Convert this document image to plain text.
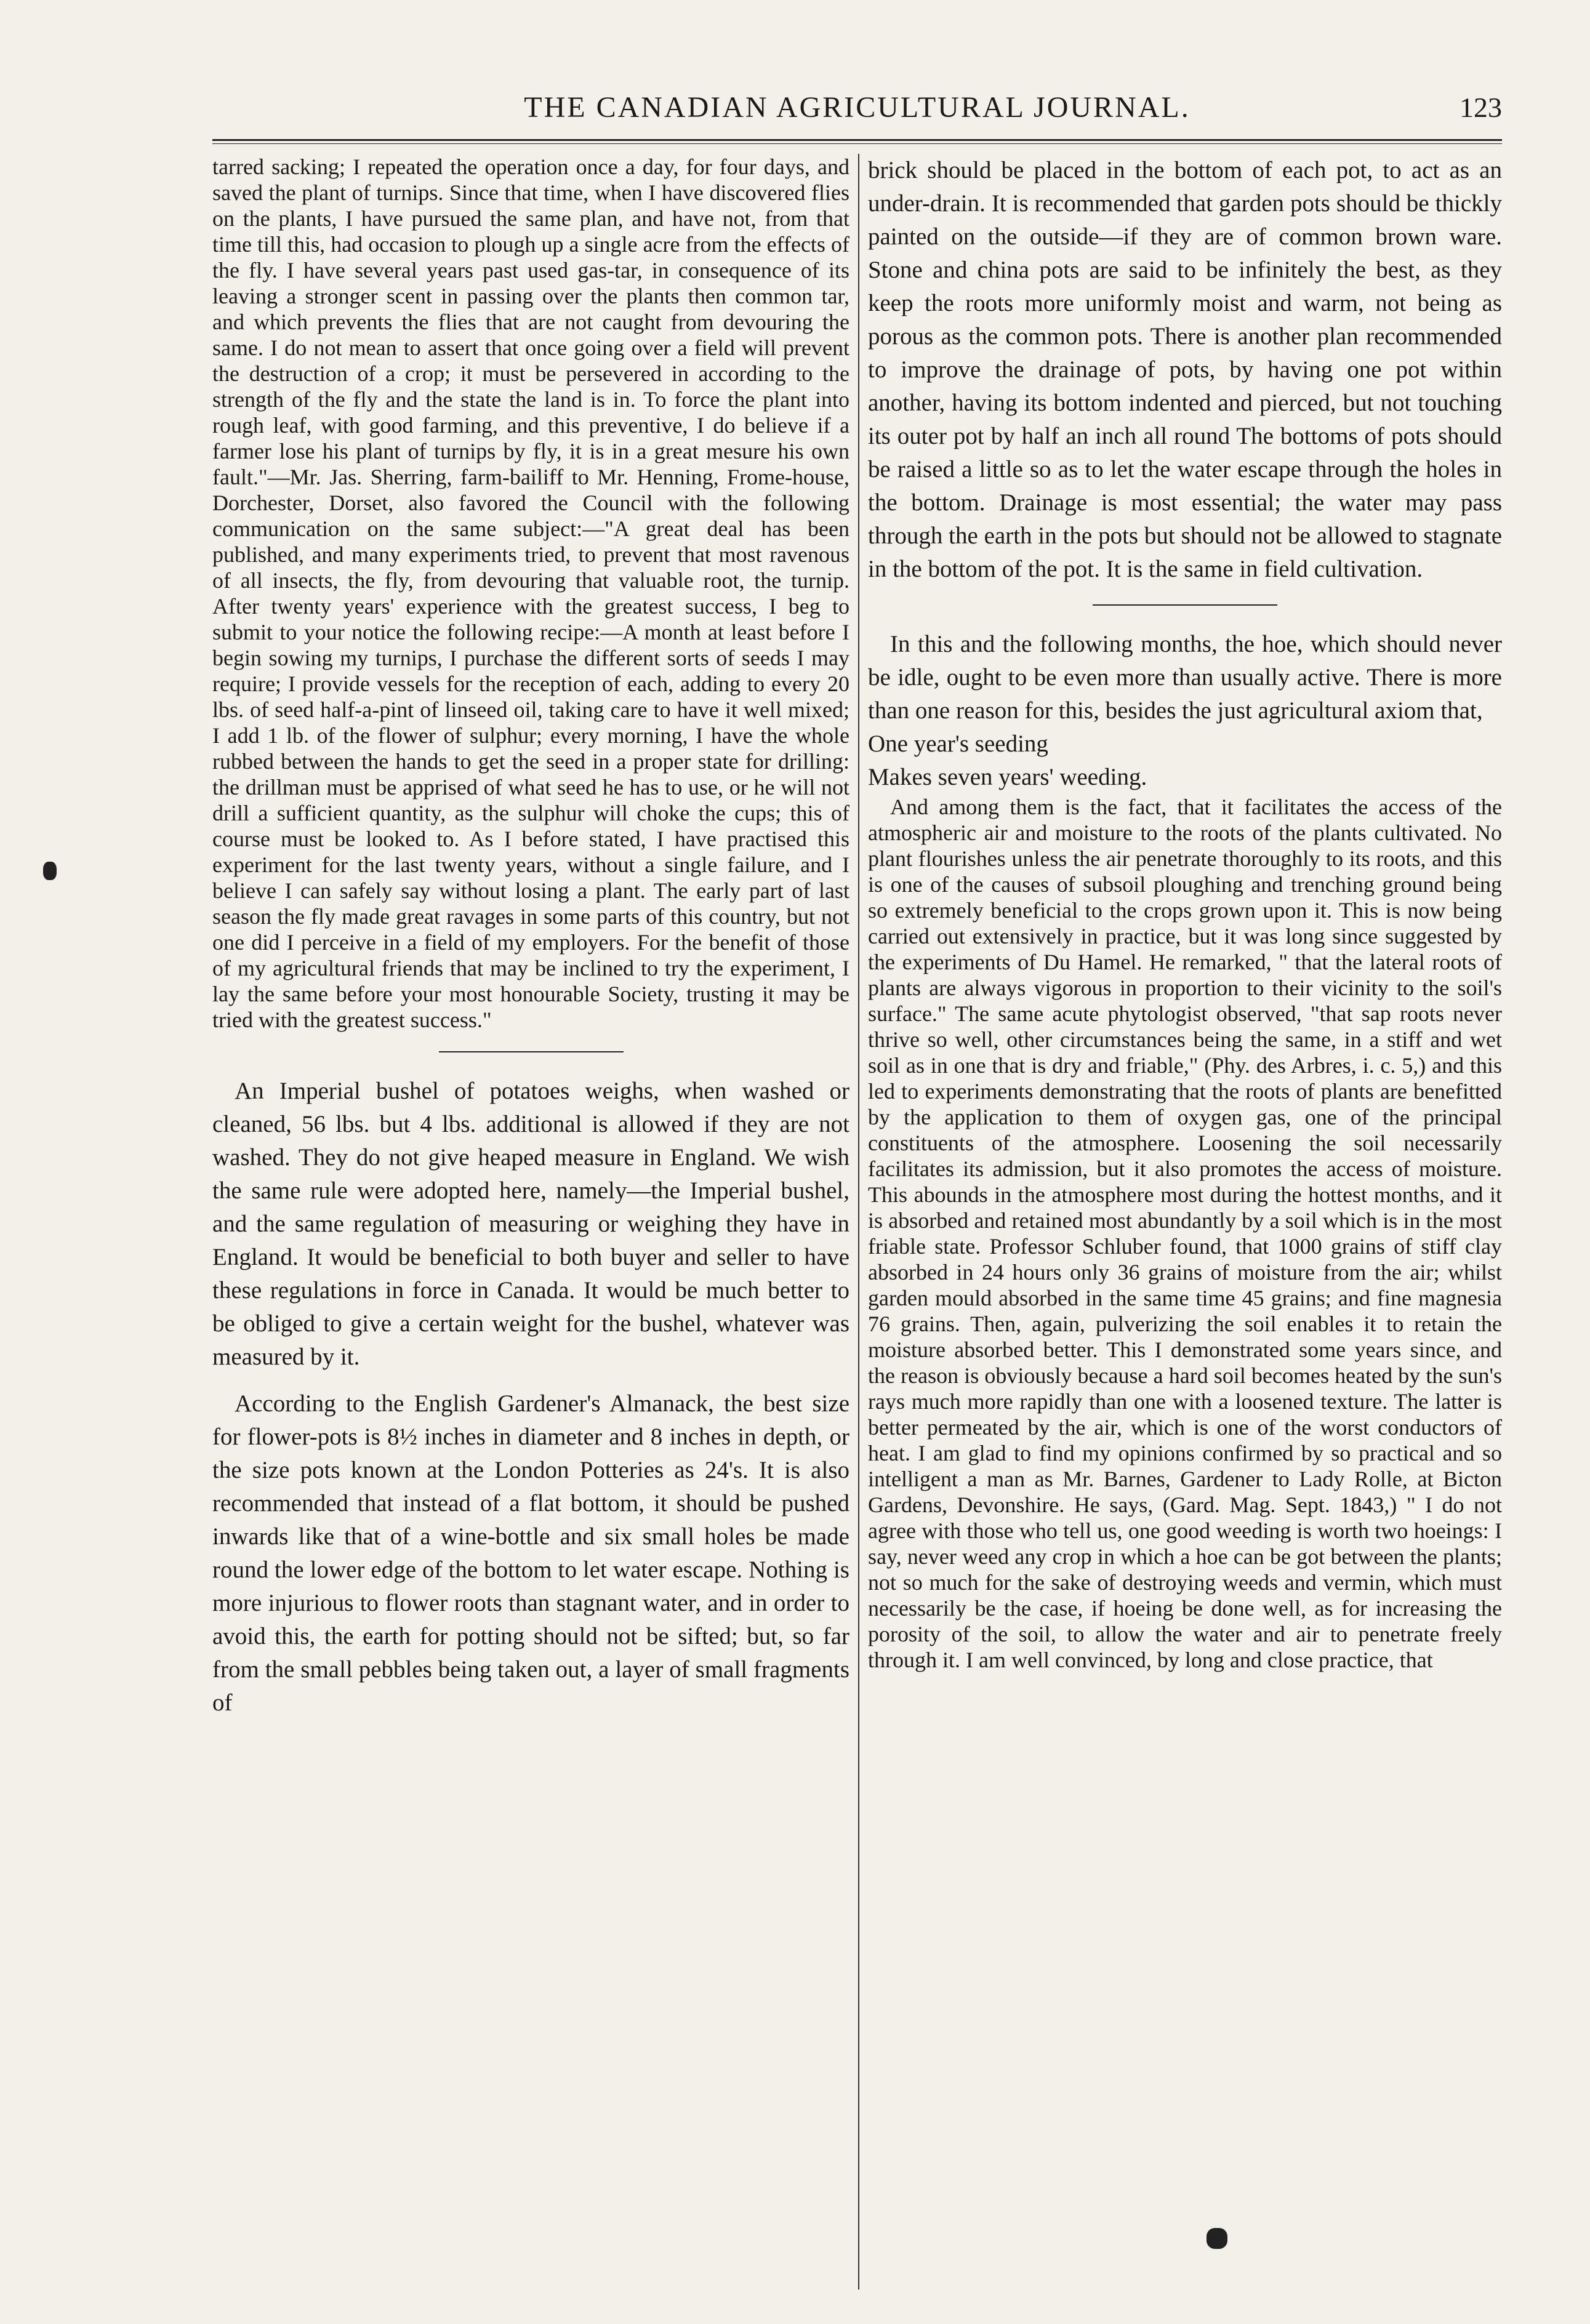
THE CANADIAN AGRICULTURAL JOURNAL.	123

tarred sacking; I repeated the operation once a day, for four days, and saved the plant of turnips. Since that time, when I have discovered flies on the plants, I have pursued the same plan, and have not, from that time till this, had occasion to plough up a single acre from the effects of the fly. I have several years past used gas-tar, in consequence of its leaving a stronger scent in passing over the plants then common tar, and which prevents the flies that are not caught from devouring the same. I do not mean to assert that once going over a field will prevent the destruction of a crop; it must be persevered in according to the strength of the fly and the state the land is in. To force the plant into rough leaf, with good farming, and this preventive, I do believe if a farmer lose his plant of turnips by fly, it is in a great mesure his own fault."—Mr. Jas. Sherring, farm-bailiff to Mr. Henning, Frome-house, Dorchester, Dorset, also favored the Council with the following communication on the same subject:—"A great deal has been published, and many experiments tried, to prevent that most ravenous of all insects, the fly, from devouring that valuable root, the turnip. After twenty years' experience with the greatest success, I beg to submit to your notice the following recipe:—A month at least before I begin sowing my turnips, I purchase the different sorts of seeds I may require; I provide vessels for the reception of each, adding to every 20 lbs. of seed half-a-pint of linseed oil, taking care to have it well mixed; I add 1 lb. of the flower of sulphur; every morning, I have the whole rubbed between the hands to get the seed in a proper state for drilling: the drillman must be apprised of what seed he has to use, or he will not drill a sufficient quantity, as the sulphur will choke the cups; this of course must be looked to. As I before stated, I have practised this experiment for the last twenty years, without a single failure, and I believe I can safely say without losing a plant. The early part of last season the fly made great ravages in some parts of this country, but not one did I perceive in a field of my employers. For the benefit of those of my agricultural friends that may be inclined to try the experiment, I lay the same before your most honourable Society, trusting it may be tried with the greatest success."

An Imperial bushel of potatoes weighs, when washed or cleaned, 56 lbs. but 4 lbs. additional is allowed if they are not washed. They do not give heaped measure in England. We wish the same rule were adopted here, namely—the Imperial bushel, and the same regulation of measuring or weighing they have in England. It would be beneficial to both buyer and seller to have these regulations in force in Canada. It would be much better to be obliged to give a certain weight for the bushel, whatever was measured by it.

According to the English Gardener's Almanack, the best size for flower-pots is 8½ inches in diameter and 8 inches in depth, or the size pots known at the London Potteries as 24's. It is also recommended that instead of a flat bottom, it should be pushed inwards like that of a wine-bottle and six small holes be made round the lower edge of the bottom to let water escape. Nothing is more injurious to flower roots than stagnant water, and in order to avoid this, the earth for potting should not be sifted; but, so far from the small pebbles being taken out, a layer of small fragments of

brick should be placed in the bottom of each pot, to act as an under-drain. It is recommended that garden pots should be thickly painted on the outside—if they are of common brown ware. Stone and china pots are said to be infinitely the best, as they keep the roots more uniformly moist and warm, not being as porous as the common pots. There is another plan recommended to improve the drainage of pots, by having one pot within another, having its bottom indented and pierced, but not touching its outer pot by half an inch all round The bottoms of pots should be raised a little so as to let the water escape through the holes in the bottom. Drainage is most essential; the water may pass through the earth in the pots but should not be allowed to stagnate in the bottom of the pot. It is the same in field cultivation.

In this and the following months, the hoe, which should never be idle, ought to be even more than usually active. There is more than one reason for this, besides the just agricultural axiom that,

One year's seeding

Makes seven years' weeding.

And among them is the fact, that it facilitates the access of the atmospheric air and moisture to the roots of the plants cultivated. No plant flourishes unless the air penetrate thoroughly to its roots, and this is one of the causes of subsoil ploughing and trenching ground being so extremely beneficial to the crops grown upon it. This is now being carried out extensively in practice, but it was long since suggested by the experiments of Du Hamel. He remarked, " that the lateral roots of plants are always vigorous in proportion to their vicinity to the soil's surface." The same acute phytologist observed, "that sap roots never thrive so well, other circumstances being the same, in a stiff and wet soil as in one that is dry and friable," (Phy. des Arbres, i. c. 5,) and this led to experiments demonstrating that the roots of plants are benefitted by the application to them of oxygen gas, one of the principal constituents of the atmosphere. Loosening the soil necessarily facilitates its admission, but it also promotes the access of moisture. This abounds in the atmosphere most during the hottest months, and it is absorbed and retained most abundantly by a soil which is in the most friable state. Professor Schluber found, that 1000 grains of stiff clay absorbed in 24 hours only 36 grains of moisture from the air; whilst garden mould absorbed in the same time 45 grains; and fine magnesia 76 grains. Then, again, pulverizing the soil enables it to retain the moisture absorbed better. This I demonstrated some years since, and the reason is obviously because a hard soil becomes heated by the sun's rays much more rapidly than one with a loosened texture. The latter is better permeated by the air, which is one of the worst conductors of heat. I am glad to find my opinions confirmed by so practical and so intelligent a man as Mr. Barnes, Gardener to Lady Rolle, at Bicton Gardens, Devonshire. He says, (Gard. Mag. Sept. 1843,) " I do not agree with those who tell us, one good weeding is worth two hoeings: I say, never weed any crop in which a hoe can be got between the plants; not so much for the sake of destroying weeds and vermin, which must necessarily be the case, if hoeing be done well, as for increasing the porosity of the soil, to allow the water and air to penetrate freely through it. I am well convinced, by long and close practice, that
